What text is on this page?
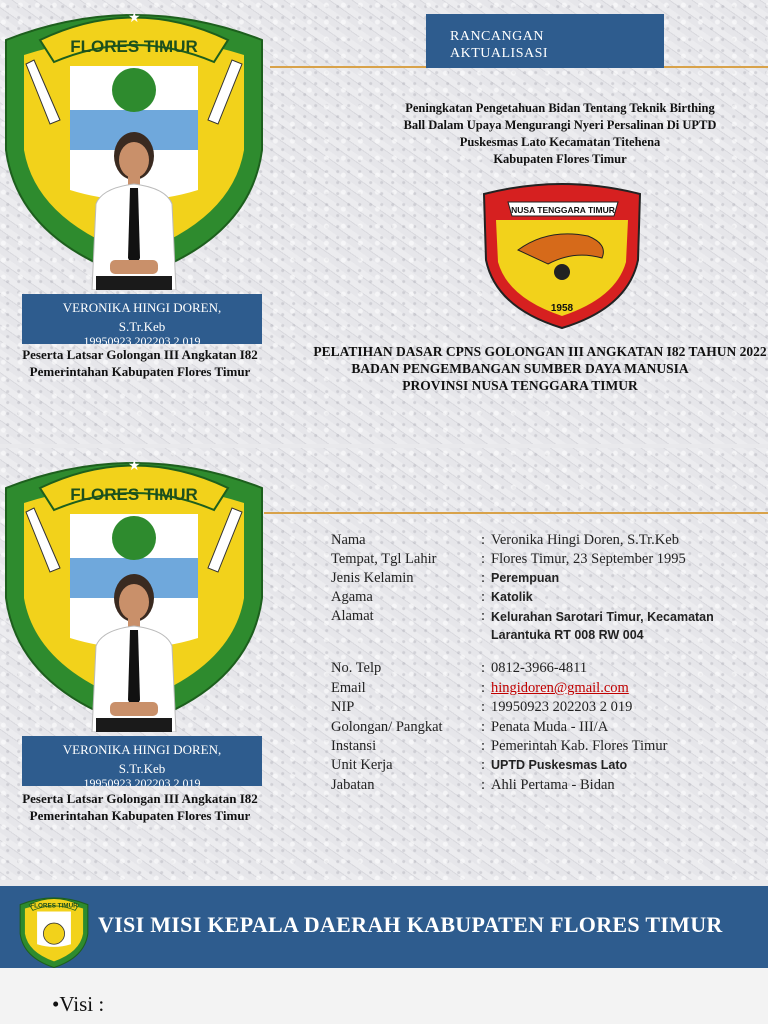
FLORES TIMUR
★
VERONIKA HINGI DOREN,
S.Tr.Keb
19950923 202203 2 019
Peserta Latsar Golongan III Angkatan I82
Pemerintahan Kabupaten Flores Timur
RANCANGAN
AKTUALISASI
Peningkatan Pengetahuan Bidan Tentang Teknik Birthing
Ball Dalam Upaya Mengurangi Nyeri Persalinan Di UPTD
Puskesmas Lato Kecamatan Titehena
Kabupaten Flores Timur
NUSA TENGGARA TIMUR
1958
PELATIHAN DASAR CPNS GOLONGAN III ANGKATAN I82 TAHUN 2022
BADAN PENGEMBANGAN SUMBER DAYA MANUSIA
PROVINSI NUSA TENGGARA TIMUR
FLORES TIMUR
★
VERONIKA HINGI DOREN,
S.Tr.Keb
19950923 202203 2 019
Peserta Latsar Golongan III Angkatan I82
Pemerintahan Kabupaten Flores Timur
Nama	: Veronika Hingi Doren, S.Tr.Keb
Tempat, Tgl Lahir	: Flores Timur, 23 September 1995
Jenis Kelamin	: Perempuan
Agama	: Katolik
Alamat	: Kelurahan Sarotari Timur, Kecamatan Larantuka RT 008 RW 004
No. Telp	: 0812-3966-4811
Email	: hingidoren@gmail.com
NIP	: 19950923 202203 2 019
Golongan/ Pangkat	: Penata Muda - III/A
Instansi	: Pemerintah Kab. Flores Timur
Unit Kerja	: UPTD Puskesmas Lato
Jabatan	: Ahli Pertama - Bidan
FLORES TIMUR
VISI MISI KEPALA DAERAH KABUPATEN FLORES TIMUR
•Visi :
